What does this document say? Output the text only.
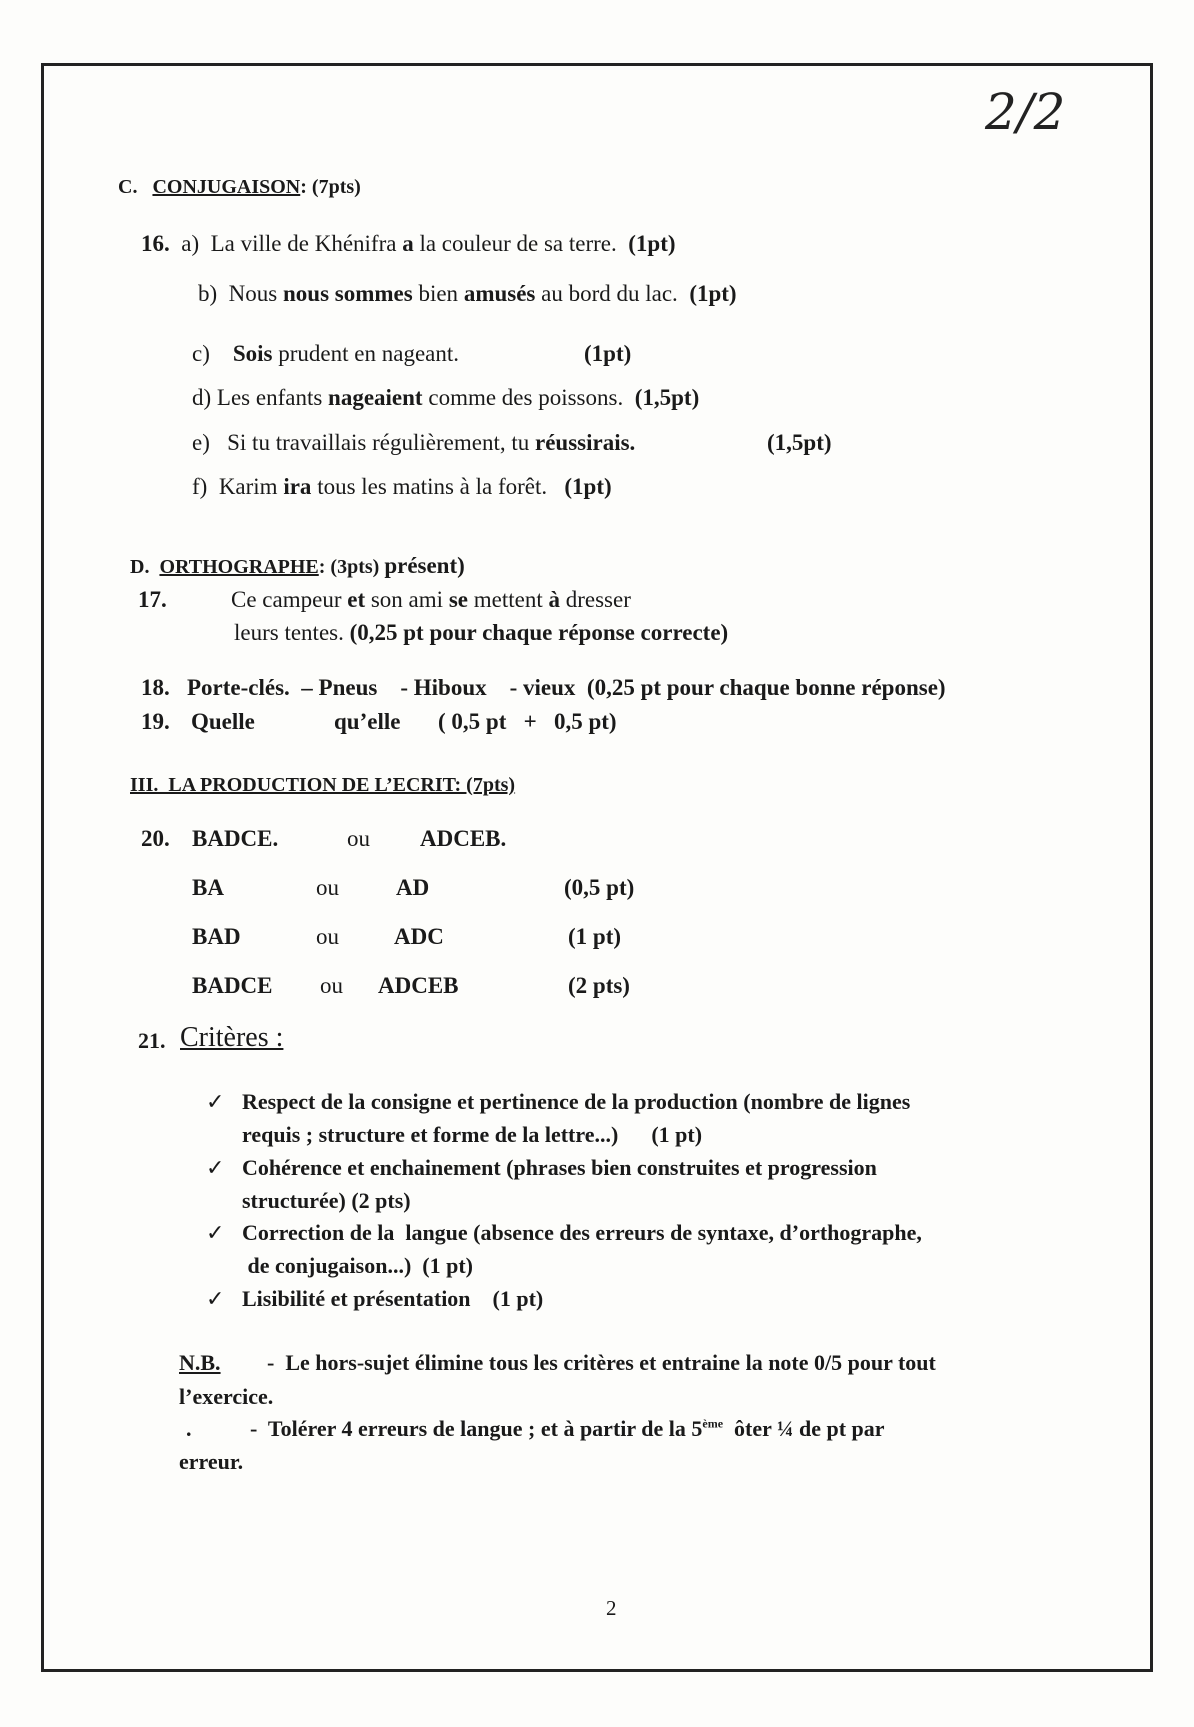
2/2
C. CONJUGAISON: (7pts)
16. a)  La ville de Khénifra a la couleur de sa terre.  (1pt)
b)  Nous nous sommes bien amusés au bord du lac.  (1pt)
c)    Sois prudent en nageant.	(1pt)
d) Les enfants nageaient comme des poissons.  (1,5pt)
e)   Si tu travaillais régulièrement, tu réussirais.	(1,5pt)
f)  Karim ira tous les matins à la forêt.   (1pt)
D. ORTHOGRAPHE: (3pts) présent)
17.	Ce campeur et son ami se mettent à dresser
leurs tentes. (0,25 pt pour chaque réponse correcte)
18.   Porte-clés.  – Pneus    - Hiboux    - vieux  (0,25 pt pour chaque bonne réponse)
19. Quelle	qu’elle ( 0,5 pt   +   0,5 pt)
III.  LA PRODUCTION DE L’ECRIT: (7pts)
20. BADCE.	ou ADCEB.
BA	ou AD	(0,5 pt)
BAD	ou ADC	(1 pt)
BADCE ou ADCEB	(2 pts)
21. Critères :
✓ Respect de la consigne et pertinence de la production (nombre de lignes
requis ; structure et forme de la lettre...)      (1 pt)
✓ Cohérence et enchainement (phrases bien construites et progression
structurée) (2 pts)
✓ Correction de la  langue (absence des erreurs de syntaxe, d’orthographe,
de conjugaison...)  (1 pt)
✓ Lisibilité et présentation    (1 pt)
N.B. -  Le hors-sujet élimine tous les critères et entraine la note 0/5 pour tout
l’exercice.
.	-  Tolérer 4 erreurs de langue ; et à partir de la 5ème  ôter ¼ de pt par
erreur.
2
